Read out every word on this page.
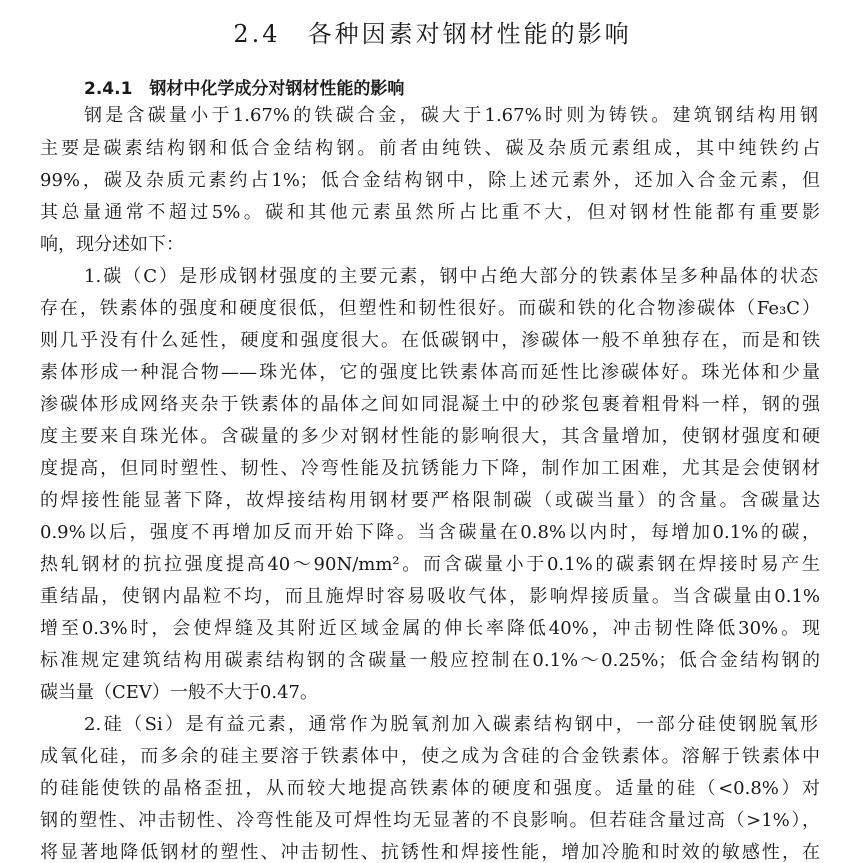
2.4　各种因素对钢材性能的影响
2.4.1　钢材中化学成分对钢材性能的影响
钢是含碳量小于1.67%的铁碳合金，碳大于1.67%时则为铸铁。建筑钢结构用钢
主要是碳素结构钢和低合金结构钢。前者由纯铁、碳及杂质元素组成，其中纯铁约占
99%，碳及杂质元素约占1%；低合金结构钢中，除上述元素外，还加入合金元素，但
其总量通常不超过5%。碳和其他元素虽然所占比重不大，但对钢材性能都有重要影
响，现分述如下：
1.碳（C）是形成钢材强度的主要元素，钢中占绝大部分的铁素体呈多种晶体的状态
存在，铁素体的强度和硬度很低，但塑性和韧性很好。而碳和铁的化合物渗碳体（Fe₃C）
则几乎没有什么延性，硬度和强度很大。在低碳钢中，渗碳体一般不单独存在，而是和铁
素体形成一种混合物——珠光体，它的强度比铁素体高而延性比渗碳体好。珠光体和少量
渗碳体形成网络夹杂于铁素体的晶体之间如同混凝土中的砂浆包裹着粗骨料一样，钢的强
度主要来自珠光体。含碳量的多少对钢材性能的影响很大，其含量增加，使钢材强度和硬
度提高，但同时塑性、韧性、冷弯性能及抗锈能力下降，制作加工困难，尤其是会使钢材
的焊接性能显著下降，故焊接结构用钢材要严格限制碳（或碳当量）的含量。含碳量达
0.9%以后，强度不再增加反而开始下降。当含碳量在0.8%以内时，每增加0.1%的碳，
热轧钢材的抗拉强度提高40～90N/mm²。而含碳量小于0.1%的碳素钢在焊接时易产生
重结晶，使钢内晶粒不均，而且施焊时容易吸收气体，影响焊接质量。当含碳量由0.1%
增至0.3%时，会使焊缝及其附近区域金属的伸长率降低40%，冲击韧性降低30%。现
标准规定建筑结构用碳素结构钢的含碳量一般应控制在0.1%～0.25%；低合金结构钢的
碳当量（CEV）一般不大于0.47。
2.硅（Si）是有益元素，通常作为脱氧剂加入碳素结构钢中，一部分硅使钢脱氧形
成氧化硅，而多余的硅主要溶于铁素体中，使之成为含硅的合金铁素体。溶解于铁素体中
的硅能使铁的晶格歪扭，从而较大地提高铁素体的硬度和强度。适量的硅（<0.8%）对
钢的塑性、冲击韧性、冷弯性能及可焊性均无显著的不良影响。但若硅含量过高（>1%），
将显著地降低钢材的塑性、冲击韧性、抗锈性和焊接性能，增加冷脆和时效的敏感性，在
